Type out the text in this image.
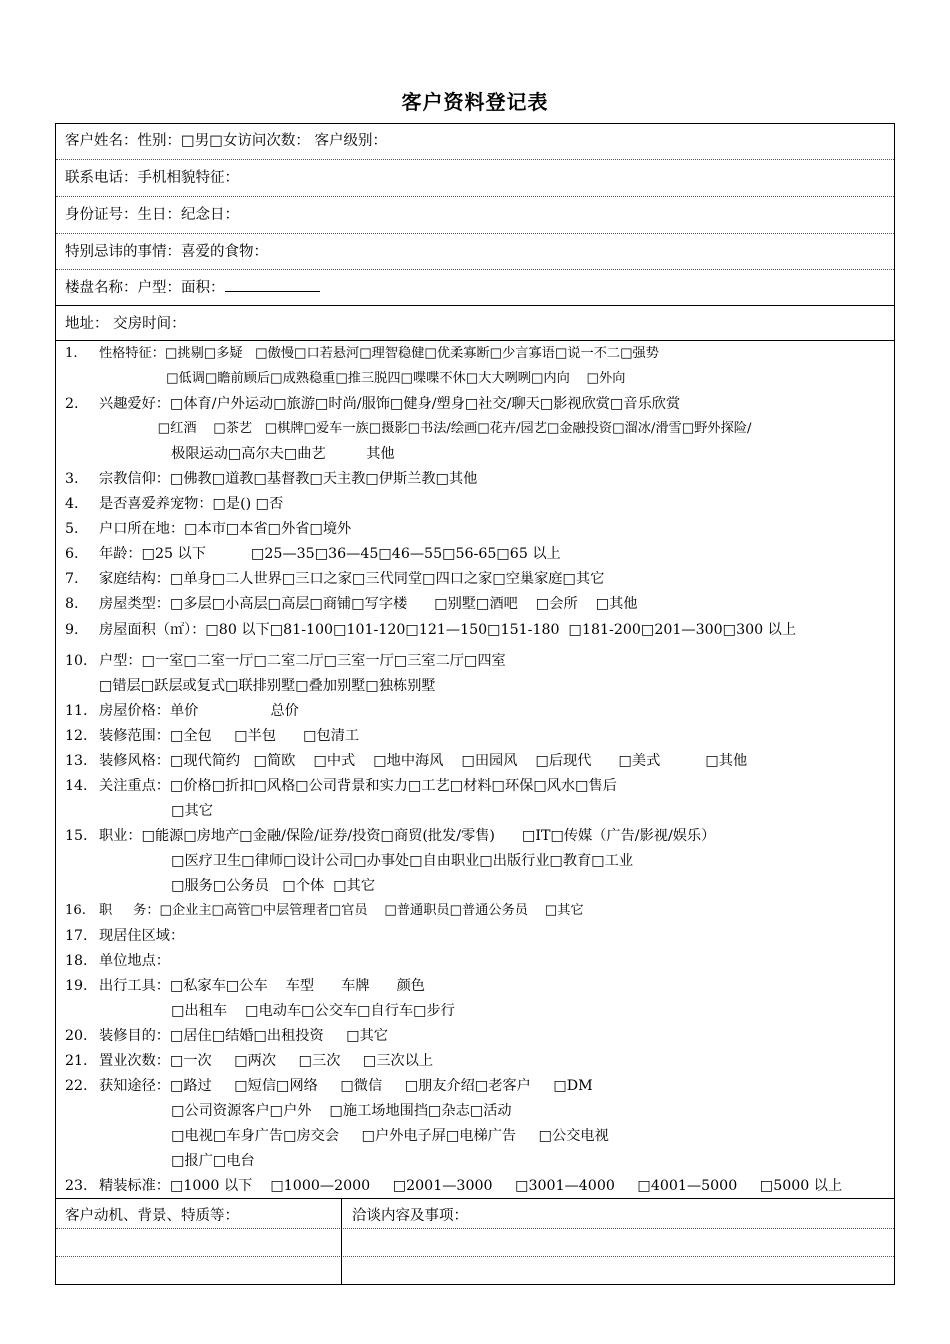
客户资料登记表
客户姓名：性别：□男□女访问次数： 客户级别：
联系电话：手机相貌特征：
身份证号：生日：纪念日：
特别忌讳的事情：喜爱的食物：
楼盘名称：户型：面积：
地址： 交房时间：
1. 性格特征：□挑剔□多疑   □傲慢□口若悬河□理智稳健□优柔寡断□少言寡语□说一不二□强势
□低调□瞻前顾后□成熟稳重□推三脱四□喋喋不休□大大咧咧□内向    □外向
2. 兴趣爱好：□体育/户外运动□旅游□时尚/服饰□健身/塑身□社交/聊天□影视欣赏□音乐欣赏
□红酒    □茶艺   □棋牌□爱车一族□摄影□书法/绘画□花卉/园艺□金融投资□溜冰/滑雪□野外探险/
极限运动□高尔夫□曲艺         其他
3. 宗教信仰：□佛教□道教□基督教□天主教□伊斯兰教□其他
4. 是否喜爱养宠物：□是() □否
5. 户口所在地：□本市□本省□外省□境外
6. 年龄：□25 以下          □25—35□36—45□46—55□56-65□65 以上
7. 家庭结构：□单身□二人世界□三口之家□三代同堂□四口之家□空巢家庭□其它
8. 房屋类型：□多层□小高层□高层□商铺□写字楼      □别墅□酒吧    □会所    □其他
9. 房屋面积（㎡）：□80 以下□81-100□101-120□121—150□151-180  □181-200□201—300□300 以上
10. 户型：□一室□二室一厅□二室二厅□三室一厅□三室二厅□四室
□错层□跃层或复式□联排别墅□叠加别墅□独栋别墅
11. 房屋价格：单价                总价
12. 装修范围：□全包     □半包      □包清工
13. 装修风格：□现代简约   □简欧    □中式    □地中海风    □田园风    □后现代      □美式          □其他
14. 关注重点：□价格□折扣□风格□公司背景和实力□工艺□材料□环保□风水□售后
□其它
15. 职业：□能源□房地产□金融/保险/证券/投资□商贸(批发/零售)      □IT□传媒（广告/影视/娱乐）
□医疗卫生□律师□设计公司□办事处□自由职业□出版行业□教育□工业
□服务□公务员   □个体  □其它
16. 职     务：□企业主□高管□中层管理者□官员    □普通职员□普通公务员    □其它
17. 现居住区域：
18. 单位地点：
19. 出行工具：□私家车□公车    车型      车牌      颜色
□出租车    □电动车□公交车□自行车□步行
20. 装修目的：□居住□结婚□出租投资     □其它
21. 置业次数：□一次     □两次     □三次     □三次以上
22. 获知途径：□路过     □短信□网络     □微信     □朋友介绍□老客户     □DM
□公司资源客户□户外    □施工场地围挡□杂志□活动
□电视□车身广告□房交会     □户外电子屏□电梯广告     □公交电视
□报广□电台
23. 精装标准：□1000 以下    □1000—2000     □2001—3000     □3001—4000     □4001—5000     □5000 以上
客户动机、背景、特质等：	洽谈内容及事项：
